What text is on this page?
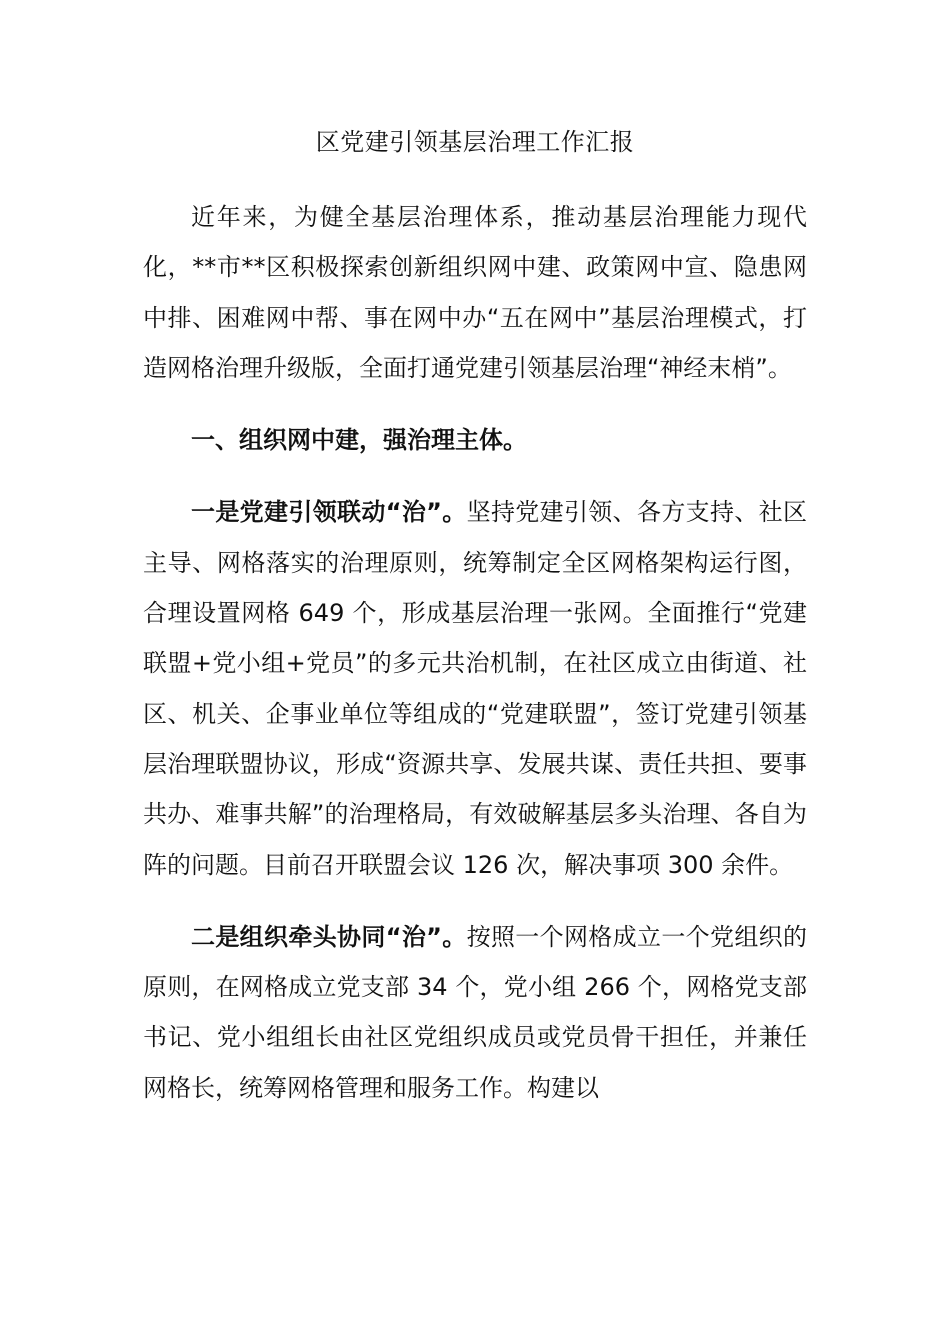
区党建引领基层治理工作汇报

近年来，为健全基层治理体系，推动基层治理能力现代化，**市**区积极探索创新组织网中建、政策网中宣、隐患网中排、困难网中帮、事在网中办“五在网中”基层治理模式，打造网格治理升级版，全面打通党建引领基层治理“神经末梢”。

一、组织网中建，强治理主体。

一是党建引领联动“治”。坚持党建引领、各方支持、社区主导、网格落实的治理原则，统筹制定全区网格架构运行图，合理设置网格 649 个，形成基层治理一张网。全面推行“党建联盟+党小组+党员”的多元共治机制，在社区成立由街道、社区、机关、企事业单位等组成的“党建联盟”，签订党建引领基层治理联盟协议，形成“资源共享、发展共谋、责任共担、要事共办、难事共解”的治理格局，有效破解基层多头治理、各自为阵的问题。目前召开联盟会议 126 次，解决事项 300 余件。

二是组织牵头协同“治”。按照一个网格成立一个党组织的原则，在网格成立党支部 34 个，党小组 266 个，网格党支部书记、党小组组长由社区党组织成员或党员骨干担任，并兼任网格长，统筹网格管理和服务工作。构建以
